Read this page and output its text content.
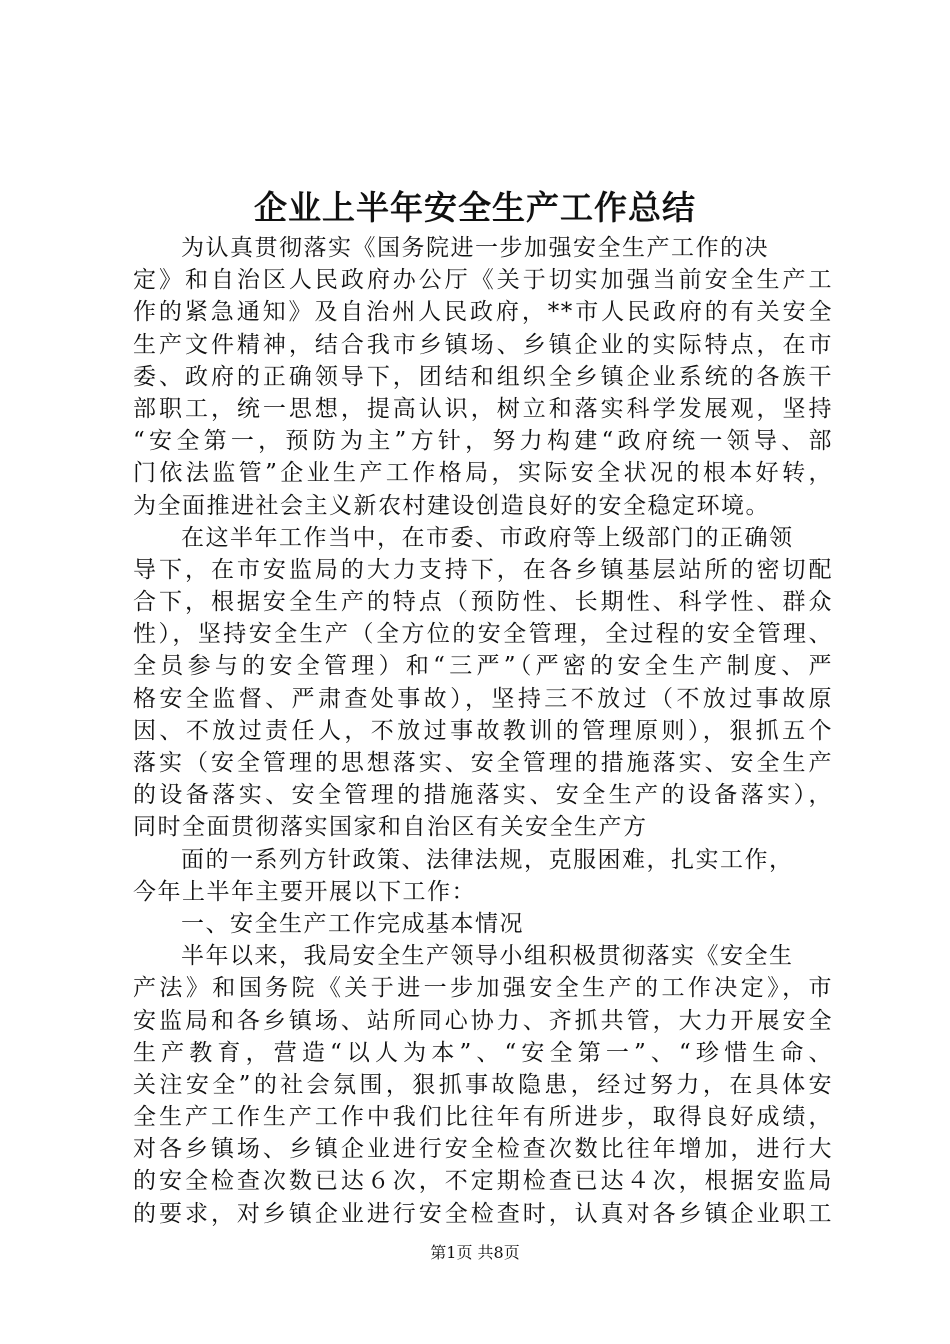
企业上半年安全生产工作总结
为认真贯彻落实《国务院进一步加强安全生产工作的决
定》和自治区人民政府办公厅《关于切实加强当前安全生产工
作的紧急通知》及自治州人民政府，**市人民政府的有关安全
生产文件精神，结合我市乡镇场、乡镇企业的实际特点，在市
委、政府的正确领导下，团结和组织全乡镇企业系统的各族干
部职工，统一思想，提高认识，树立和落实科学发展观，坚持
“安全第一，预防为主”方针，努力构建“政府统一领导、部
门依法监管”企业生产工作格局，实际安全状况的根本好转，
为全面推进社会主义新农村建设创造良好的安全稳定环境。
在这半年工作当中，在市委、市政府等上级部门的正确领
导下，在市安监局的大力支持下，在各乡镇基层站所的密切配
合下，根据安全生产的特点（预防性、长期性、科学性、群众
性），坚持安全生产（全方位的安全管理，全过程的安全管理、
全员参与的安全管理）和“三严”（严密的安全生产制度、严
格安全监督、严肃查处事故），坚持三不放过（不放过事故原
因、不放过责任人，不放过事故教训的管理原则），狠抓五个
落实（安全管理的思想落实、安全管理的措施落实、安全生产
的设备落实、安全管理的措施落实、安全生产的设备落实），
同时全面贯彻落实国家和自治区有关安全生产方
面的一系列方针政策、法律法规，克服困难，扎实工作，
今年上半年主要开展以下工作：
一、安全生产工作完成基本情况
半年以来，我局安全生产领导小组积极贯彻落实《安全生
产法》和国务院《关于进一步加强安全生产的工作决定》，市
安监局和各乡镇场、站所同心协力、齐抓共管，大力开展安全
生产教育，营造“以人为本”、“安全第一”、“珍惜生命、
关注安全”的社会氛围，狠抓事故隐患，经过努力，在具体安
全生产工作生产工作中我们比往年有所进步，取得良好成绩，
对各乡镇场、乡镇企业进行安全检查次数比往年增加，进行大
的安全检查次数已达６次，不定期检查已达４次，根据安监局
的要求，对乡镇企业进行安全检查时，认真对各乡镇企业职工
第1页 共8页
